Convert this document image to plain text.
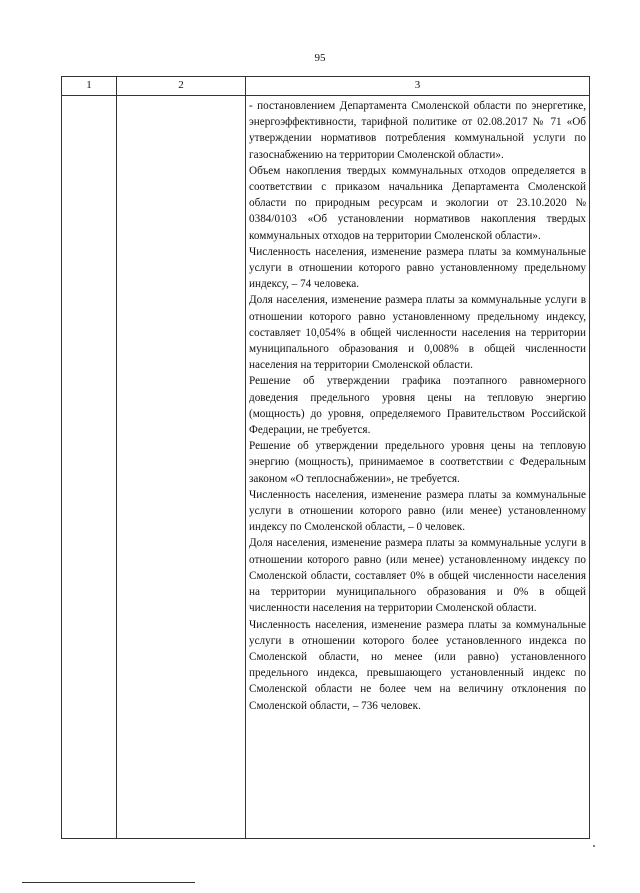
95
1	2	3

- постановлением Департамента Смоленской области по энергетике, энергоэффективности, тарифной политике от 02.08.2017 № 71 «Об утверждении нормативов потребления коммунальной услуги по газоснабжению на территории Смоленской области».

Объем накопления твердых коммунальных отходов определяется в соответствии с приказом начальника Департамента Смоленской области по природным ресурсам и экологии от 23.10.2020 № 0384/0103 «Об установлении нормативов накопления твердых коммунальных отходов на территории Смоленской области».

Численность населения, изменение размера платы за коммунальные услуги в отношении которого равно установленному предельному индексу, – 74 человека.

Доля населения, изменение размера платы за коммунальные услуги в отношении которого равно установленному предельному индексу, составляет 10,054% в общей численности населения на территории муниципального образования и 0,008% в общей численности населения на территории Смоленской области.

Решение об утверждении графика поэтапного равномерного доведения предельного уровня цены на тепловую энергию (мощность) до уровня, определяемого Правительством Российской Федерации, не требуется.

Решение об утверждении предельного уровня цены на тепловую энергию (мощность), принимаемое в соответствии с Федеральным законом «О теплоснабжении», не требуется.

Численность населения, изменение размера платы за коммунальные услуги в отношении которого равно (или менее) установленному индексу по Смоленской области, – 0 человек.

Доля населения, изменение размера платы за коммунальные услуги в отношении которого равно (или менее) установленному индексу по Смоленской области, составляет 0% в общей численности населения на территории муниципального образования и 0% в общей численности населения на территории Смоленской области.

Численность населения, изменение размера платы за коммунальные услуги в отношении которого более установленного индекса по Смоленской области, но менее (или равно) установленного предельного индекса, превышающего установленный индекс по Смоленской области не более чем на величину отклонения по Смоленской области, – 736 человек.
